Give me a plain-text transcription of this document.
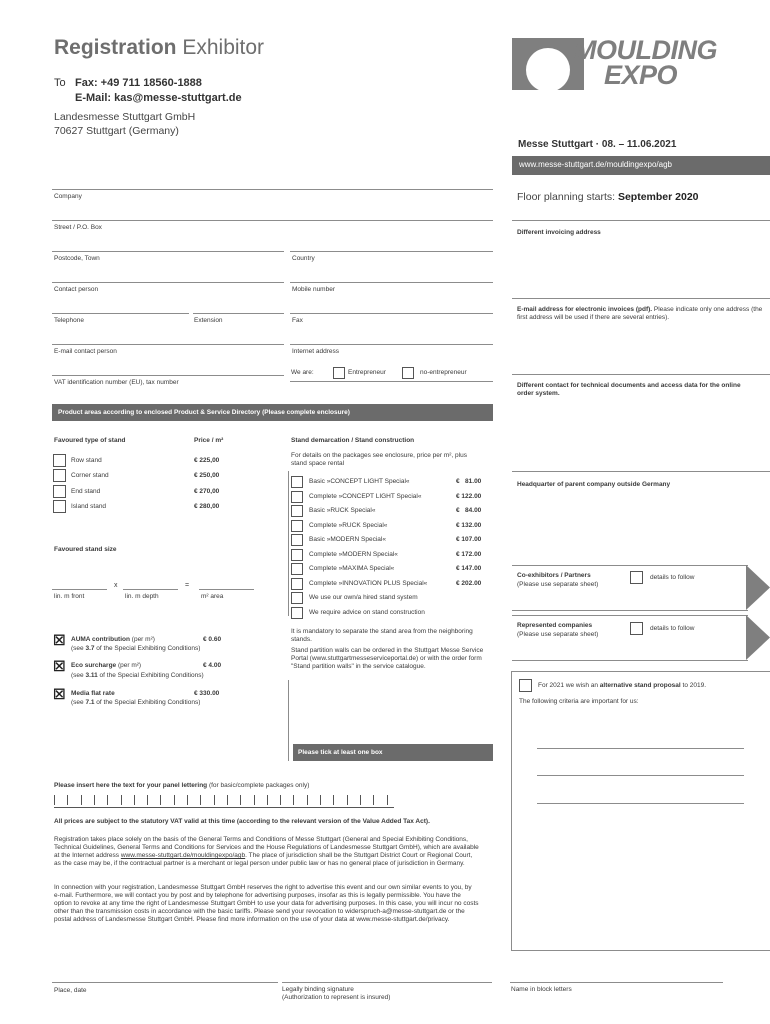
Registration Exhibitor
To Fax: +49 711 18560-1888
E-Mail: kas@messe-stuttgart.de
Landesmesse Stuttgart GmbH
70627 Stuttgart (Germany)
MOULDING
EXPO
Messe Stuttgart · 08. – 11.06.2021
www.messe-stuttgart.de/mouldingexpo/agb
Floor planning starts: September 2020
Company
Street / P.O. Box
Postcode, Town	Country
Contact person	Mobile number
Telephone	Extension	Fax
E-mail contact person	Internet address
VAT identification number (EU), tax number
We are:	Entrepreneur	no-entrepreneur
Different invoicing address
E-mail address for electronic invoices (pdf). Please indicate only one address (the first address will be used if there are several entries).
Different contact for technical documents and access data for the online order system.
Headquarter of parent company outside Germany
Co-exhibitors / Partners
(Please use separate sheet)
details to follow
Represented companies
(Please use separate sheet)
details to follow
For 2021 we wish an alternative stand proposal to 2019.
The following criteria are important for us:
Product areas according to enclosed Product & Service Directory (Please complete enclosure)
Favoured type of stand	Price / m²
Row stand	€ 225,00
Corner stand	€ 250,00
End stand	€ 270,00
Island stand	€ 280,00
Favoured stand size
x	=
lin. m front	lin. m depth	m² area
☒ AUMA contribution (per m²)	€ 0.60
(see 3.7 of the Special Exhibiting Conditions)
☒ Eco surcharge (per m²)	€ 4.00
(see 3.11 of the Special Exhibiting Conditions)
☒ Media flat rate	€ 330.00
(see 7.1 of the Special Exhibiting Conditions)
Stand demarcation / Stand construction
For details on the packages see enclosure, price per m², plus stand space rental
Basic »CONCEPT LIGHT Special«	€   81.00
Complete »CONCEPT LIGHT Special«	€ 122.00
Basic »RUCK Special«	€   84.00
Complete »RUCK Special«	€ 132.00
Basic »MODERN Special«	€ 107.00
Complete »MODERN Special«	€ 172.00
Complete »MAXIMA Special«	€ 147.00
Complete »INNOVATION PLUS Special«	€ 202.00
We use our own/a hired stand system
We require advice on stand construction
It is mandatory to separate the stand area from the neighboring stands.
Stand partition walls can be ordered in the Stuttgart Messe Service Portal (www.stuttgartmesseserviceportal.de) or with the order form "Stand partition walls" in the service catalogue.
Please tick at least one box
Please insert here the text for your panel lettering (for basic/complete packages only)
All prices are subject to the statutory VAT valid at this time (according to the relevant version of the Value Added Tax Act).
Registration takes place solely on the basis of the General Terms and Conditions of Messe Stuttgart (General and Special Exhibiting Conditions, Technical Guidelines, General Terms and Conditions for Services and the House Regulations of Landesmesse Stuttgart GmbH), which are available at the Internet address www.messe-stuttgart.de/mouldingexpo/agb. The place of jurisdiction shall be the Stuttgart District Court or Regional Court, as the case may be, if the contractual partner is a merchant or legal person under public law or has no general place of jurisdiction in Germany.
In connection with your registration, Landesmesse Stuttgart GmbH reserves the right to advertise this event and our own similar events to you, by e-mail. Furthermore, we will contact you by post and by telephone for advertising purposes, insofar as this is legally permissible. You have the option to revoke at any time the right of Landesmesse Stuttgart GmbH to use your data for advertising purposes. In this case, you will incur no costs other than the transmission costs in accordance with the basic tariffs. Please send your revocation to widerspruch-a@messe-stuttgart.de or the postal address of Landesmesse Stuttgart GmbH. Please find more information on the use of your data at www.messe-stuttgart.de/privacy.
Place, date	Legally binding signature
(Authorization to represent is insured)
Name in block letters
